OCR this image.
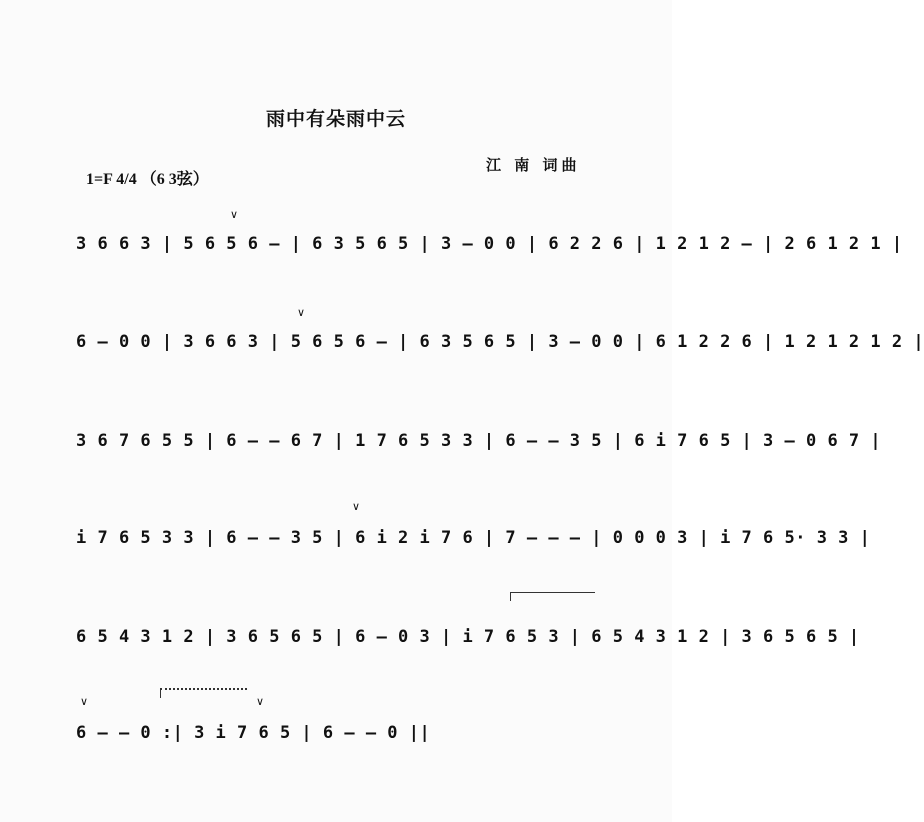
雨中有朵雨中云
1=F 4/4 （6 3弦）
江 南 词曲
3 6 6 3 | 5 6 5 6 – | 6 3 5 6 5 | 3 – 0 0 | 6 2 2 6 | 1 2 1 2 – | 2 6 1 2 1 |
6 – 0 0 | 3 6 6 3 | 5 6 5 6 – | 6 3 5 6 5 | 3 – 0 0 | 6 1 2 2 6 | 1 2 1 2 1 2 |
3 6 7 6 5 5 | 6 – – 6 7 | 1 7 6 5 3 3 | 6 – – 3 5 | 6 i 7 6 5 | 3 – 0 6 7 |
i 7 6 5 3 3 | 6 – – 3 5 | 6 i 2 i 7 6 | 7 – – – | 0 0 0 3 | i 7 6 5· 3 3 |
6 5 4 3 1 2 | 3 6 5 6 5 | 6 – 0 3 | i 7 6 5 3 | 6 5 4 3 1 2 | 3 6 5 6 5 |
6 – – 0 :| 3 i 7 6 5 | 6 – – 0 ||
∨
∨
∨
∨	∨
